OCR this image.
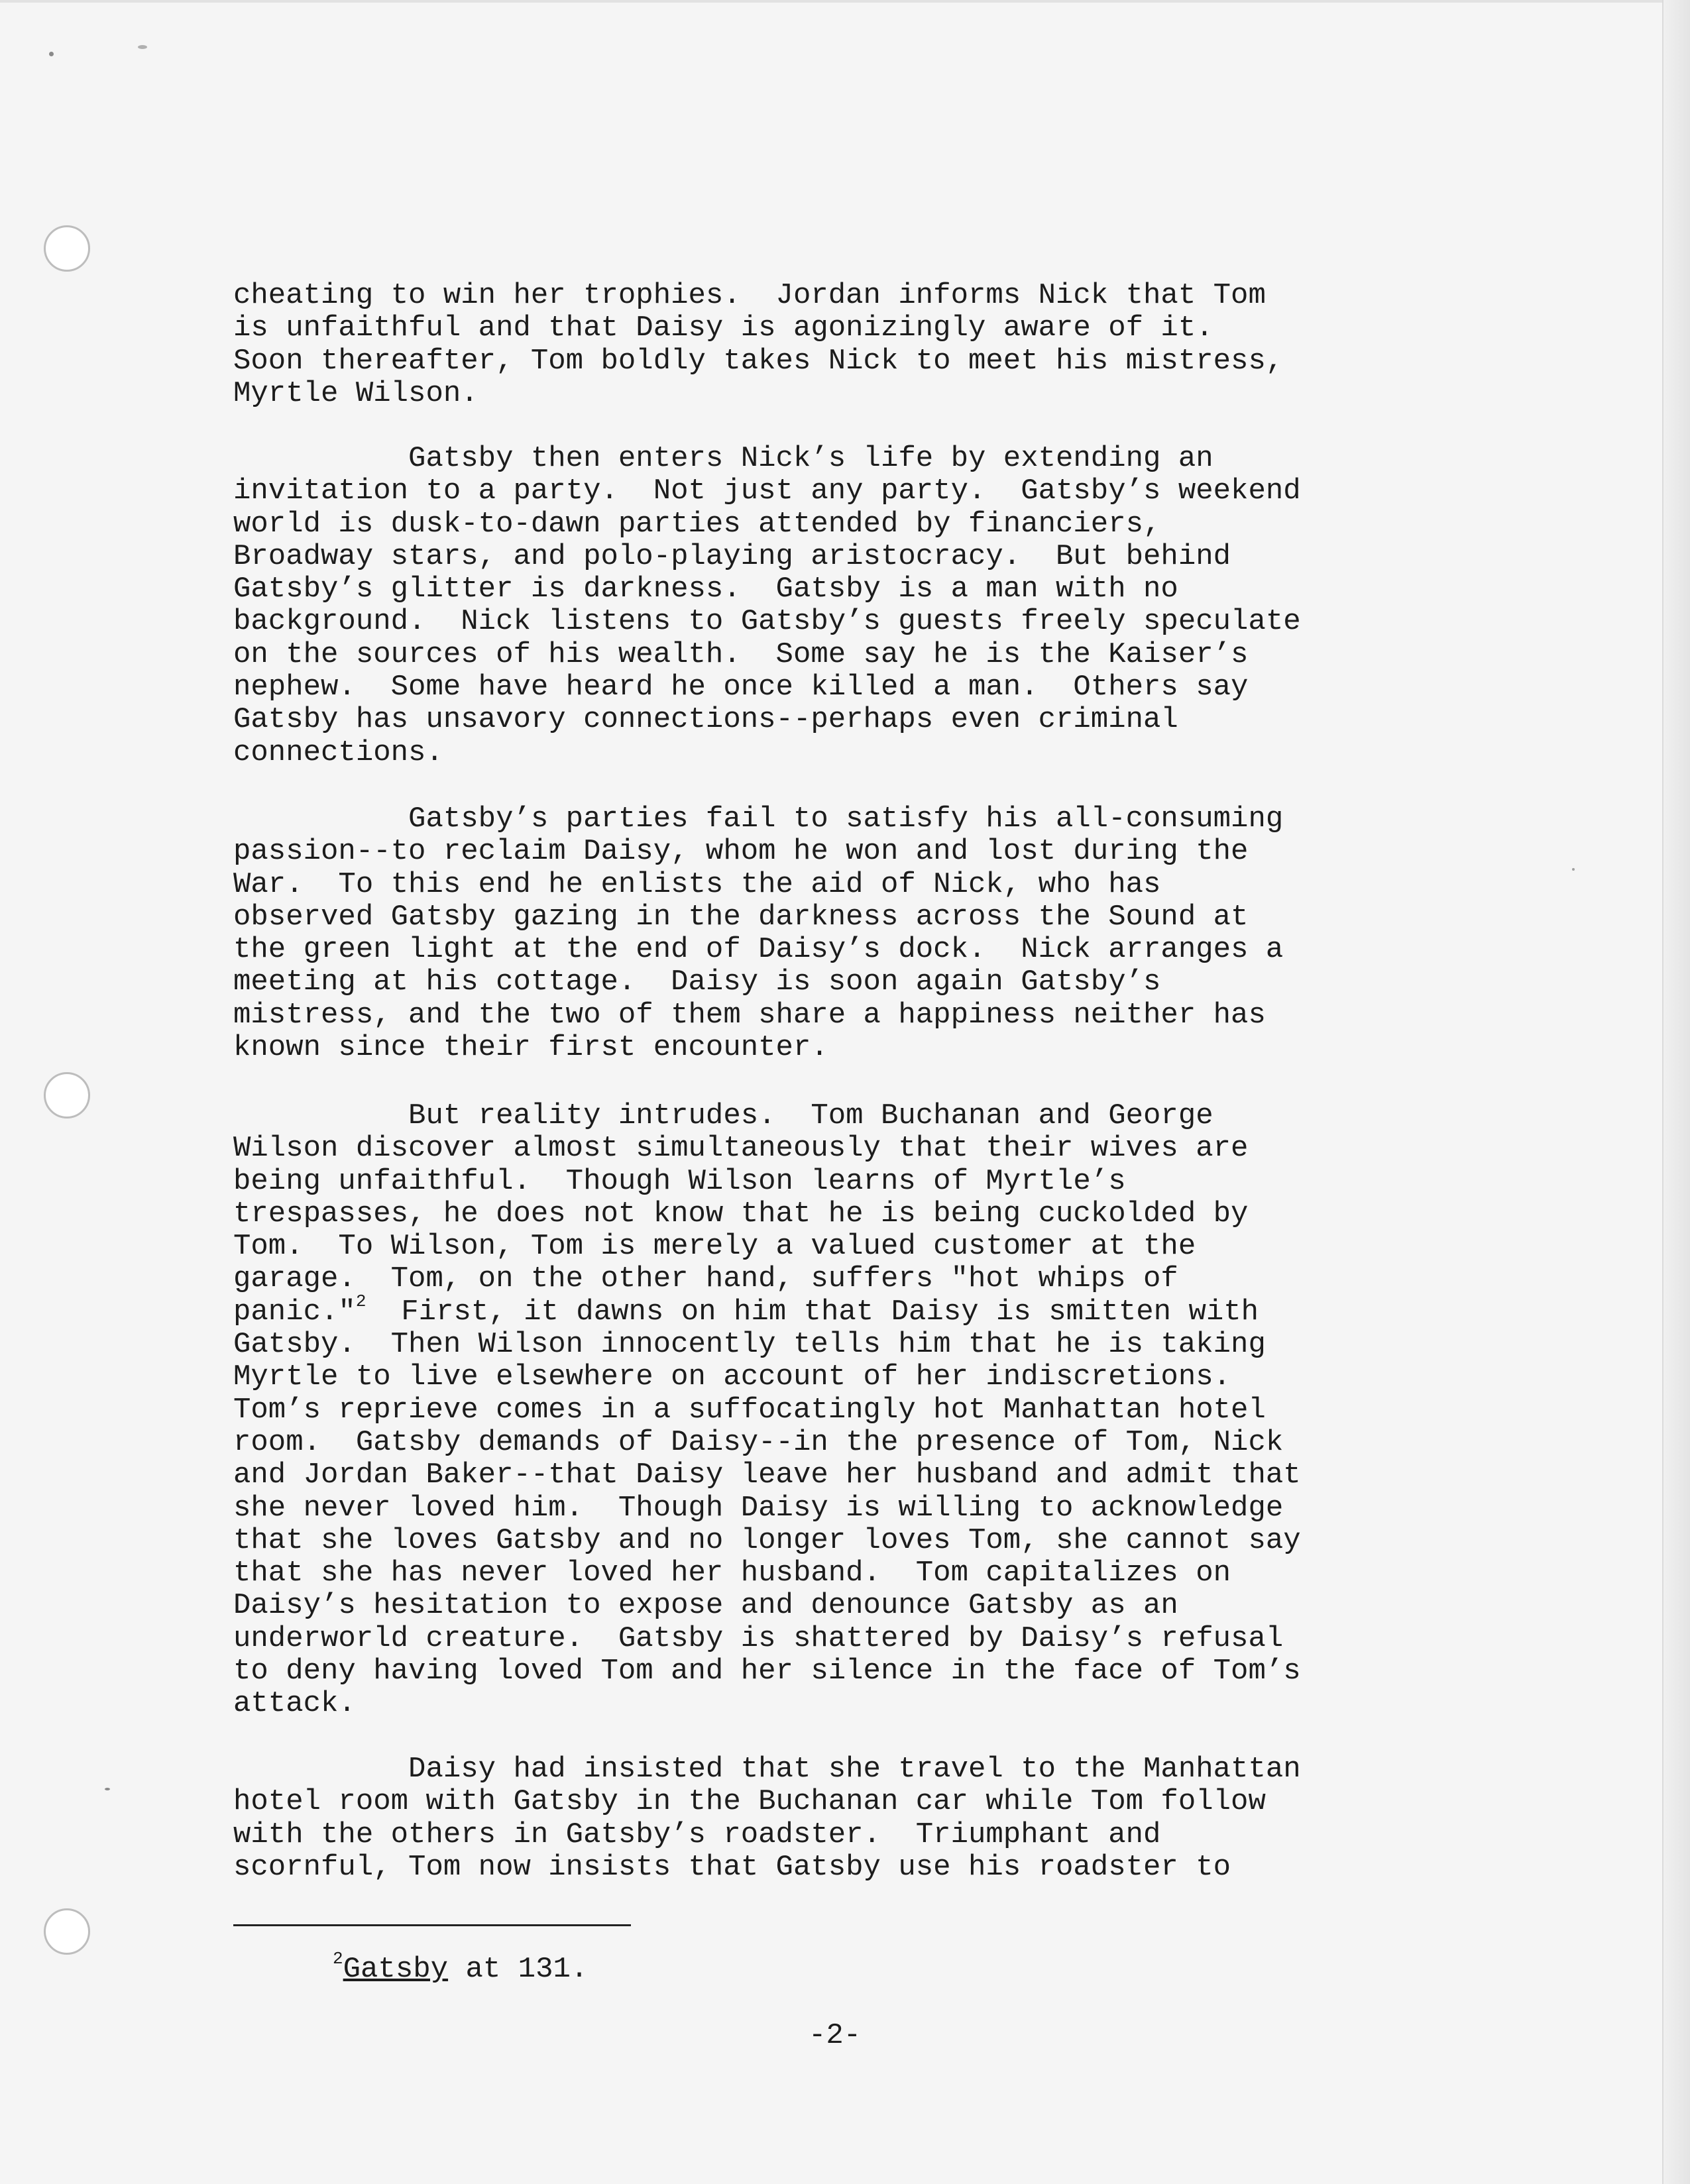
cheating to win her trophies.  Jordan informs Nick that Tom
is unfaithful and that Daisy is agonizingly aware of it.
Soon thereafter, Tom boldly takes Nick to meet his mistress,
Myrtle Wilson.
Gatsby then enters Nick’s life by extending an
invitation to a party.  Not just any party.  Gatsby’s weekend
world is dusk-to-dawn parties attended by financiers,
Broadway stars, and polo-playing aristocracy.  But behind
Gatsby’s glitter is darkness.  Gatsby is a man with no
background.  Nick listens to Gatsby’s guests freely speculate
on the sources of his wealth.  Some say he is the Kaiser’s
nephew.  Some have heard he once killed a man.  Others say
Gatsby has unsavory connections--perhaps even criminal
connections.
Gatsby’s parties fail to satisfy his all-consuming
passion--to reclaim Daisy, whom he won and lost during the
War.  To this end he enlists the aid of Nick, who has
observed Gatsby gazing in the darkness across the Sound at
the green light at the end of Daisy’s dock.  Nick arranges a
meeting at his cottage.  Daisy is soon again Gatsby’s
mistress, and the two of them share a happiness neither has
known since their first encounter.
But reality intrudes.  Tom Buchanan and George
Wilson discover almost simultaneously that their wives are
being unfaithful.  Though Wilson learns of Myrtle’s
trespasses, he does not know that he is being cuckolded by
Tom.  To Wilson, Tom is merely a valued customer at the
garage.  Tom, on the other hand, suffers "hot whips of
panic."$^2$  First, it dawns on him that Daisy is smitten with
Gatsby.  Then Wilson innocently tells him that he is taking
Myrtle to live elsewhere on account of her indiscretions.
Tom’s reprieve comes in a suffocatingly hot Manhattan hotel
room.  Gatsby demands of Daisy--in the presence of Tom, Nick
and Jordan Baker--that Daisy leave her husband and admit that
she never loved him.  Though Daisy is willing to acknowledge
that she loves Gatsby and no longer loves Tom, she cannot say
that she has never loved her husband.  Tom capitalizes on
Daisy’s hesitation to expose and denounce Gatsby as an
underworld creature.  Gatsby is shattered by Daisy’s refusal
to deny having loved Tom and her silence in the face of Tom’s
attack.
Daisy had insisted that she travel to the Manhattan
hotel room with Gatsby in the Buchanan car while Tom follow
with the others in Gatsby’s roadster.  Triumphant and
scornful, Tom now insists that Gatsby use his roadster to
$^2$Gatsby at 131.
-2-
